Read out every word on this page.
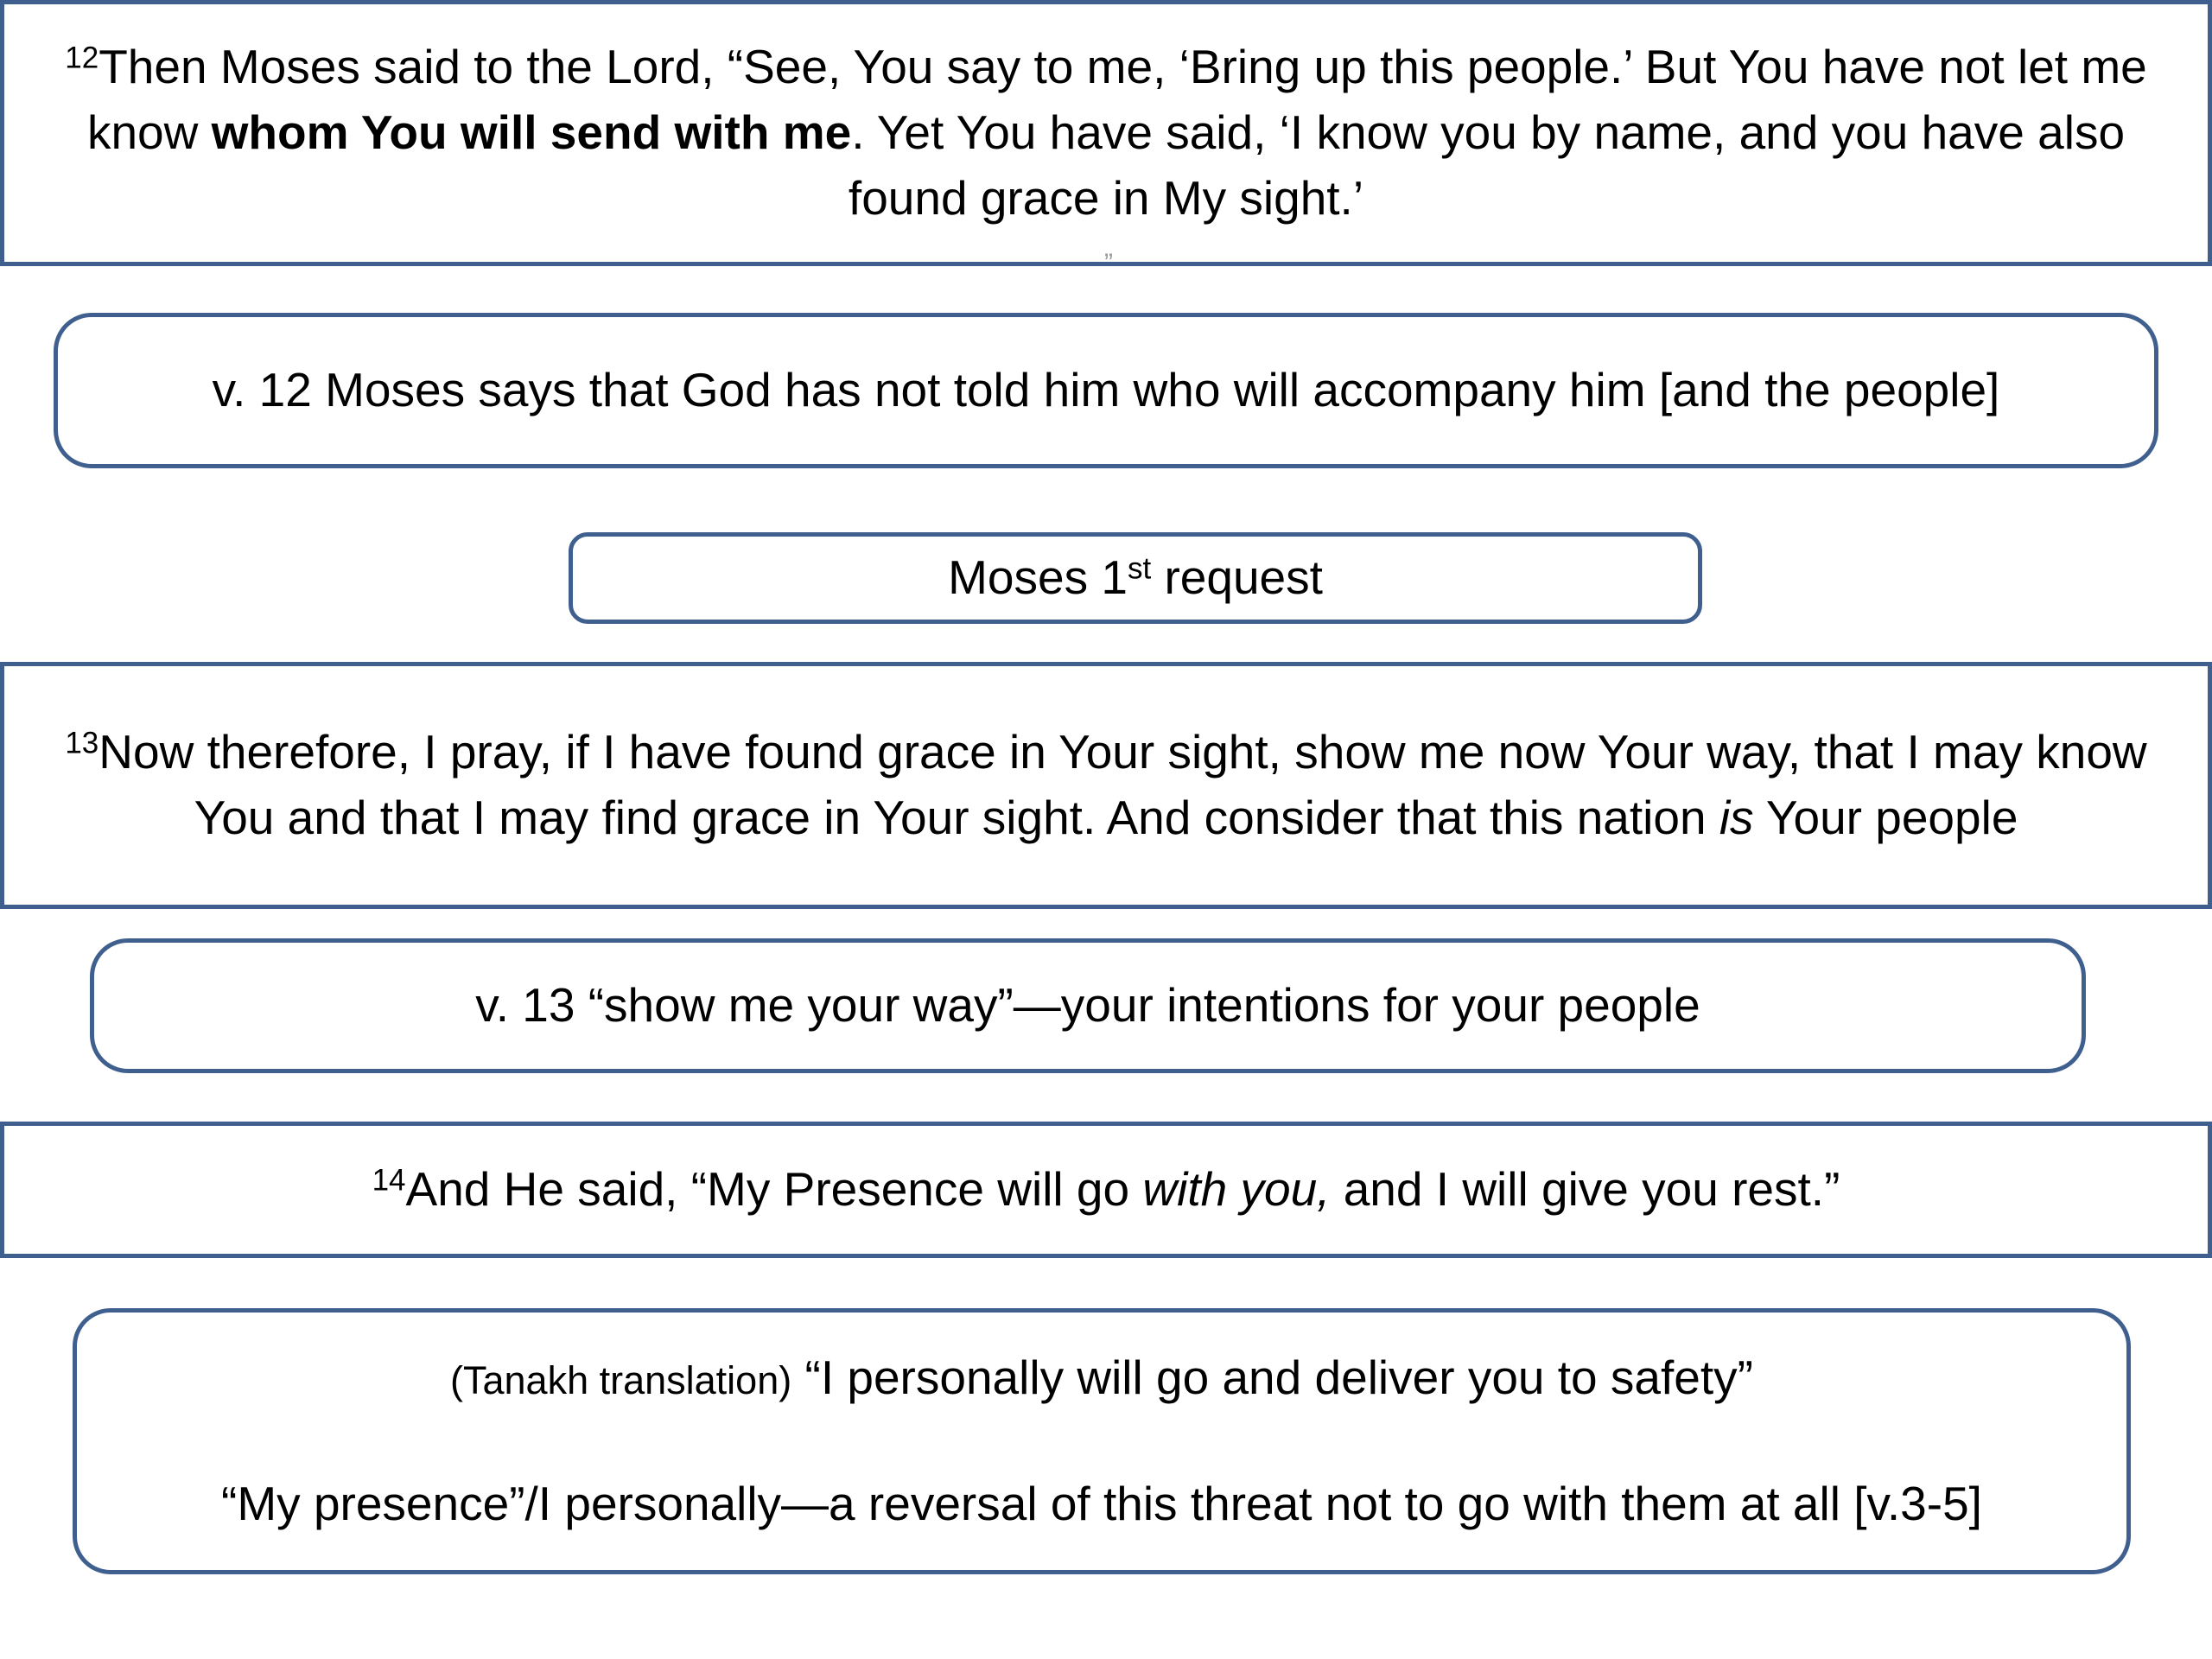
$^{12}$Then Moses said to the Lord, “See, You say to me, ‘Bring up this people.’ But You have not let me know whom You will send with me. Yet You have said, ‘I know you by name, and you have also found grace in My sight.’

”

v. 12 Moses says that God has not told him who will accompany him [and the people]

Moses 1st request

$^{13}$Now therefore, I pray, if I have found grace in Your sight, show me now Your way, that I may know You and that I may find grace in Your sight. And consider that this nation is Your people

v. 13 “show me your way”—your intentions for your people

$^{14}$And He said, “My Presence will go with you, and I will give you rest.”

(Tanakh translation) “I personally will go and deliver you to safety”

“My presence”/I personally—a reversal of this threat not to go with them at all [v.3-5]
